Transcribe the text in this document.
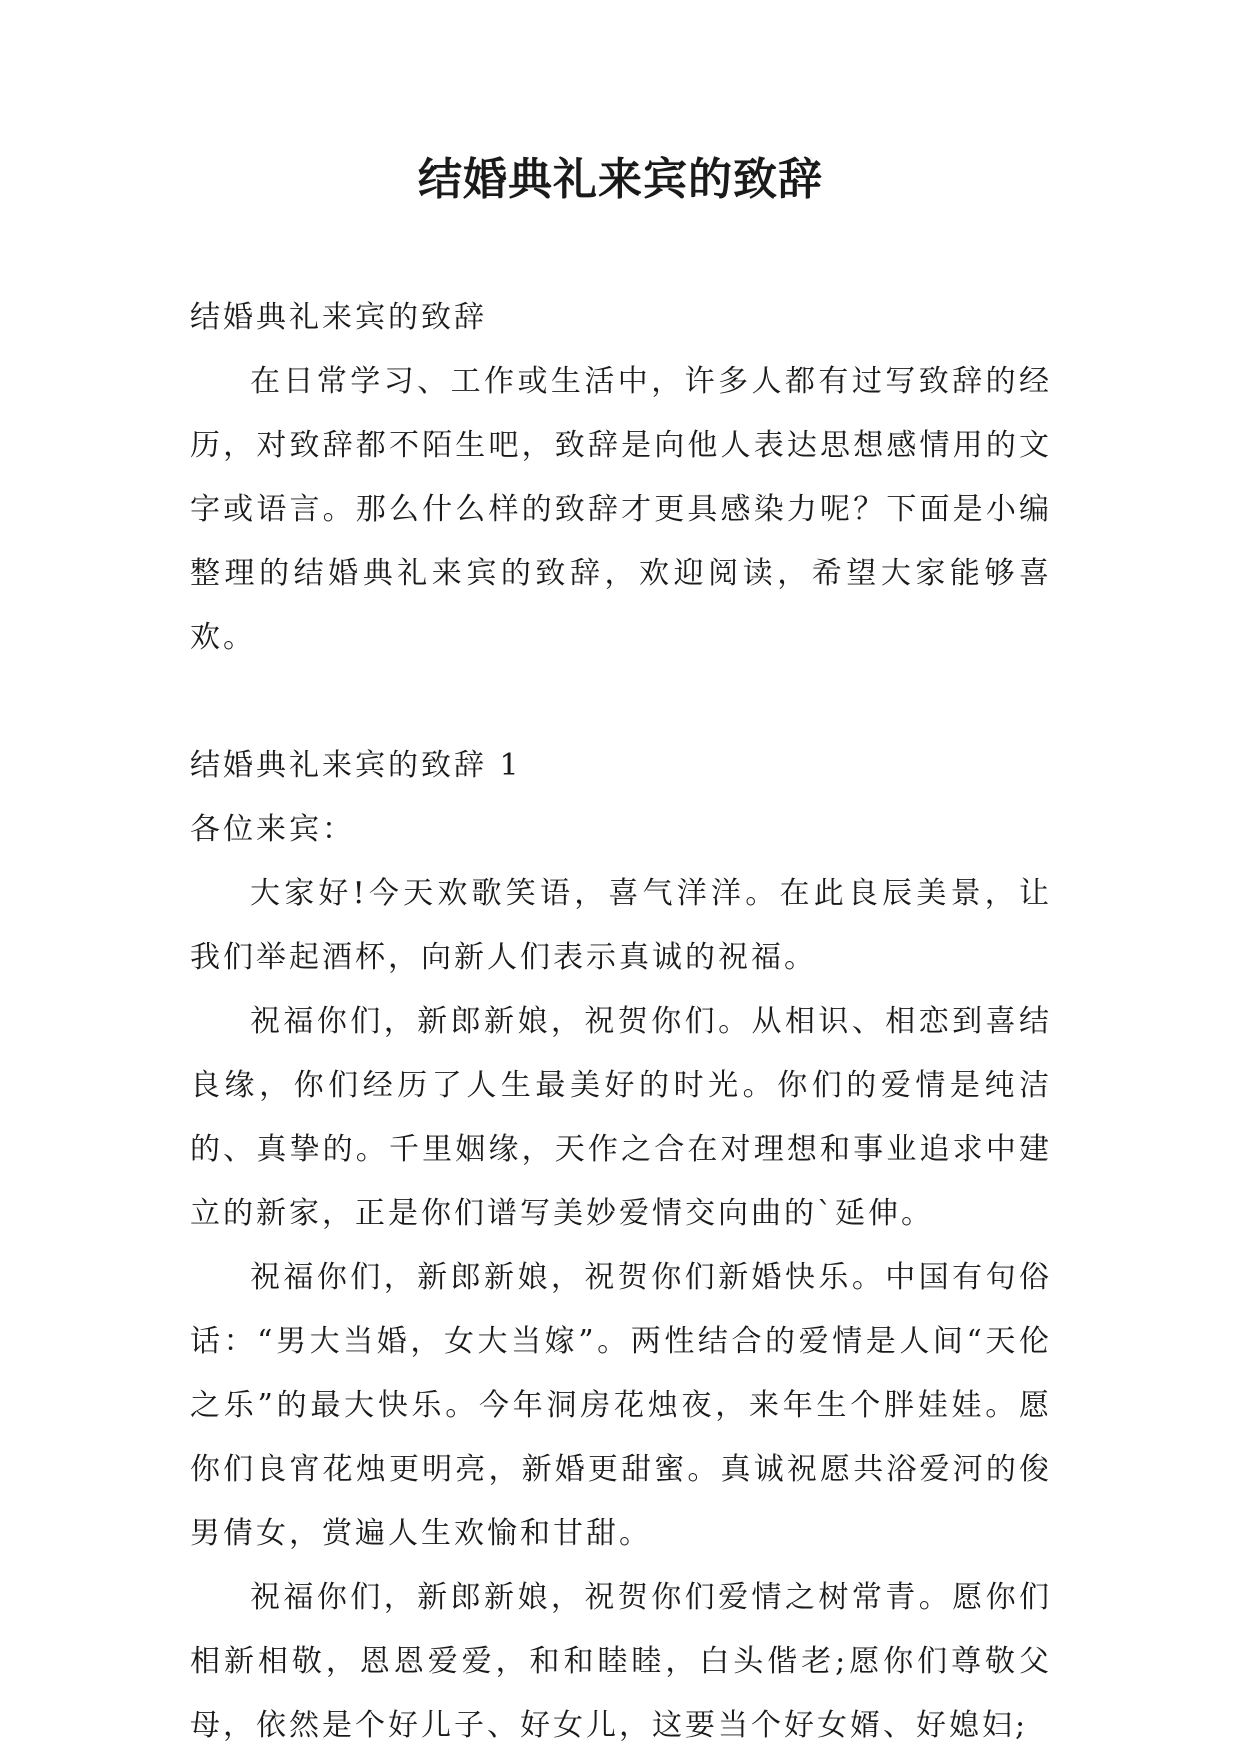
结婚典礼来宾的致辞

结婚典礼来宾的致辞

在日常学习、工作或生活中，许多人都有过写致辞的经历，对致辞都不陌生吧，致辞是向他人表达思想感情用的文字或语言。那么什么样的致辞才更具感染力呢？下面是小编整理的结婚典礼来宾的致辞，欢迎阅读，希望大家能够喜欢。

结婚典礼来宾的致辞 1

各位来宾：

大家好!今天欢歌笑语，喜气洋洋。在此良辰美景，让我们举起酒杯，向新人们表示真诚的祝福。

祝福你们，新郎新娘，祝贺你们。从相识、相恋到喜结良缘，你们经历了人生最美好的时光。你们的爱情是纯洁的、真挚的。千里姻缘，天作之合在对理想和事业追求中建立的新家，正是你们谱写美妙爱情交向曲的`延伸。

祝福你们，新郎新娘，祝贺你们新婚快乐。中国有句俗话：“男大当婚，女大当嫁”。两性结合的爱情是人间“天伦之乐”的最大快乐。今年洞房花烛夜，来年生个胖娃娃。愿你们良宵花烛更明亮，新婚更甜蜜。真诚祝愿共浴爱河的俊男倩女，赏遍人生欢愉和甘甜。

祝福你们，新郎新娘，祝贺你们爱情之树常青。愿你们相新相敬，恩恩爱爱，和和睦睦，白头偕老;愿你们尊敬父母，依然是个好儿子、好女儿，这要当个好女婿、好媳妇;
